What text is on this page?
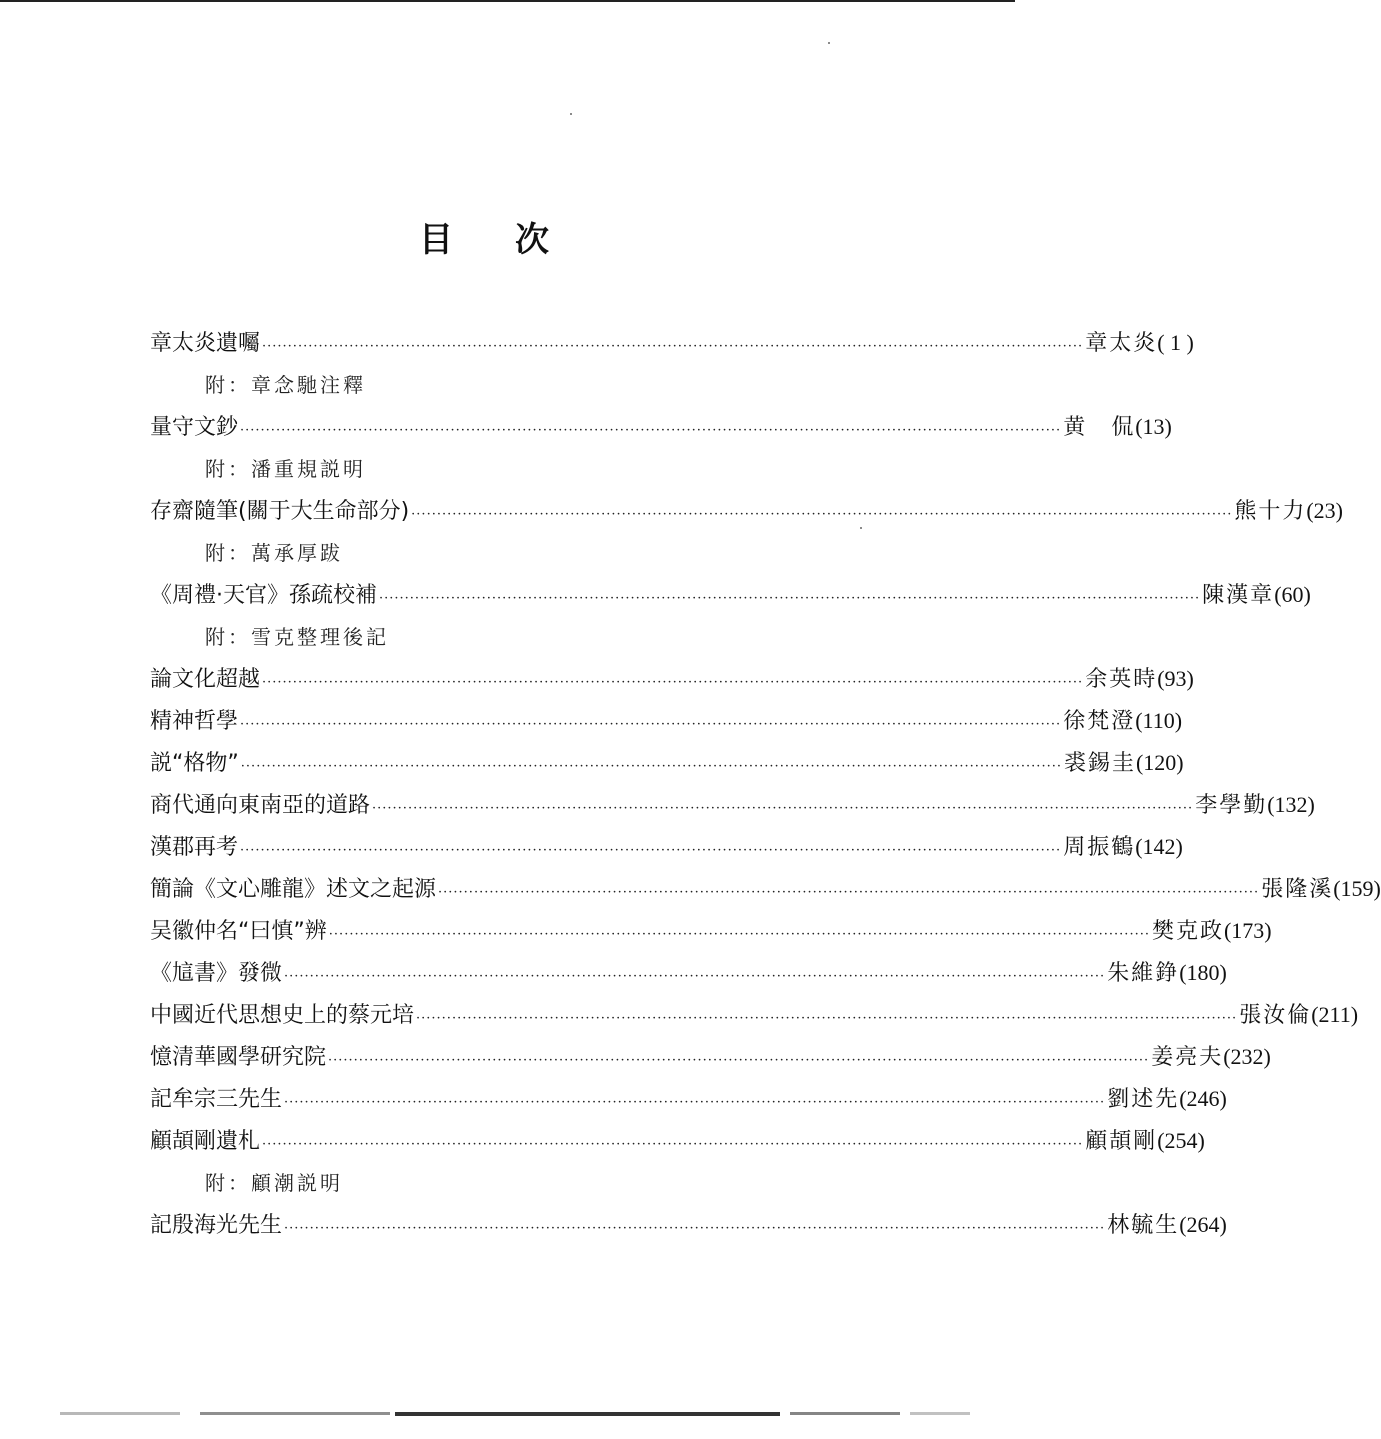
目 次
章太炎遺囑 ································································································································································ 章太炎 ( 1 )
附：章念馳注釋
量守文鈔 ································································································································································ 黄　侃 (13)
附：潘重規説明
存齋隨筆(關于大生命部分) ································································································································································ 熊十力 (23)
附：萬承厚跋
《周禮·天官》孫疏校補 ································································································································································ 陳漢章 (60)
附：雪克整理後記
論文化超越 ································································································································································ 余英時 (93)
精神哲學 ································································································································································ 徐梵澄 (110)
説“格物” ································································································································································ 裘錫圭 (120)
商代通向東南亞的道路 ································································································································································ 李學勤 (132)
漢郡再考 ································································································································································ 周振鶴 (142)
簡論《文心雕龍》述文之起源 ································································································································································ 張隆溪 (159)
吴徽仲名“曰慎”辨 ································································································································································ 樊克政 (173)
《訄書》發微 ································································································································································ 朱維錚 (180)
中國近代思想史上的蔡元培 ································································································································································ 張汝倫 (211)
憶清華國學研究院 ································································································································································ 姜亮夫 (232)
記牟宗三先生 ································································································································································ 劉述先 (246)
顧頡剛遺札 ································································································································································ 顧頡剛 (254)
附：顧潮説明
記殷海光先生 ································································································································································ 林毓生 (264)
